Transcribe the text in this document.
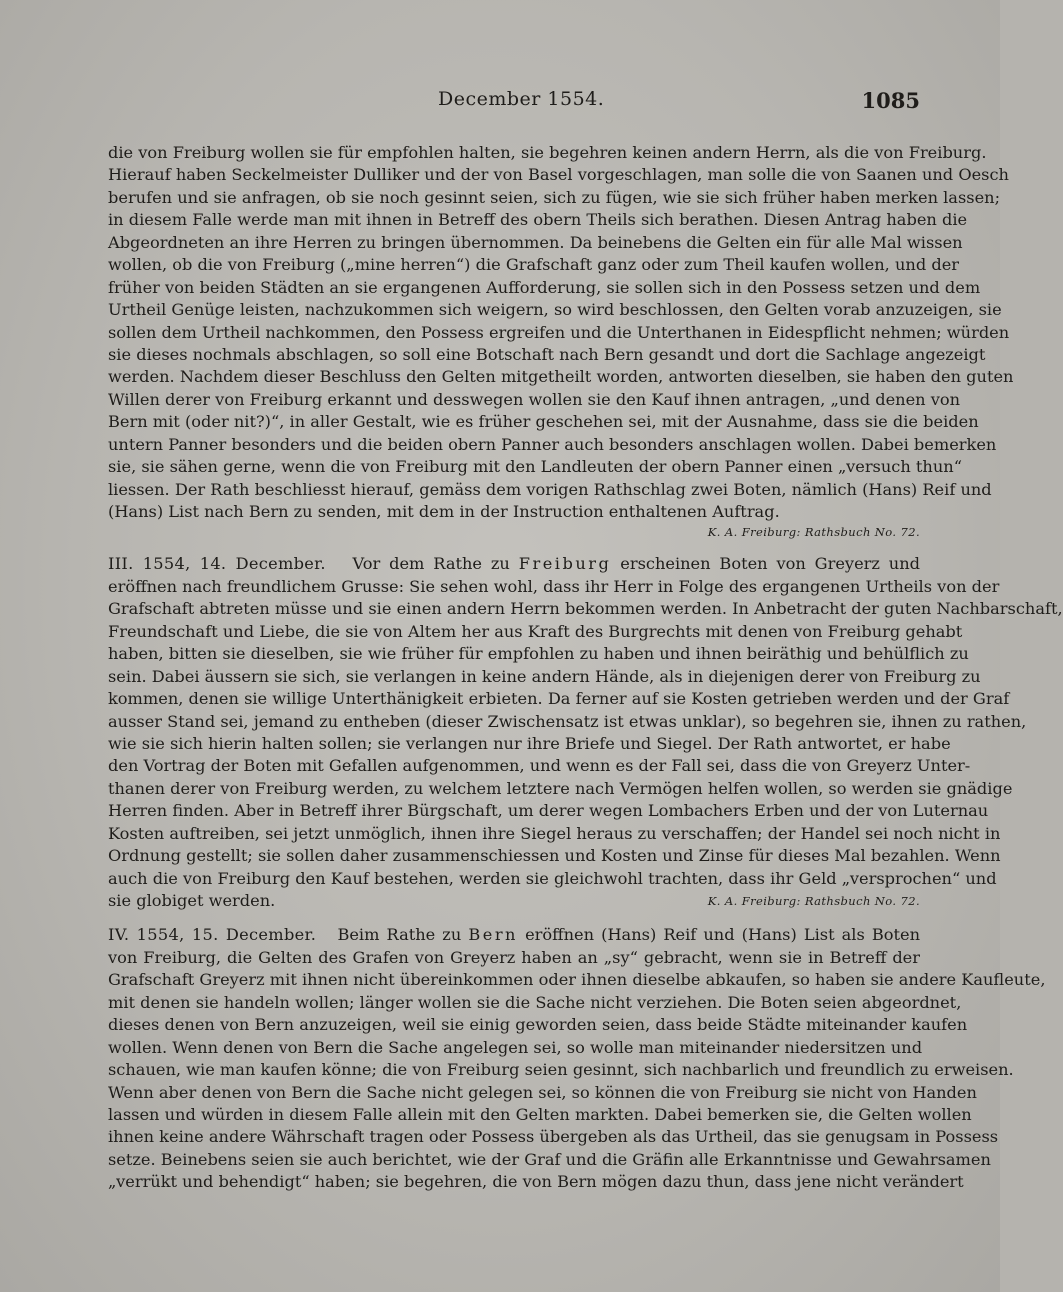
December 1554.	1085
die von Freiburg wollen sie für empfohlen halten, sie begehren keinen andern Herrn, als die von Freiburg.
Hierauf haben Seckelmeister Dulliker und der von Basel vorgeschlagen, man solle die von Saanen und Oesch
berufen und sie anfragen, ob sie noch gesinnt seien, sich zu fügen, wie sie sich früher haben merken lassen;
in diesem Falle werde man mit ihnen in Betreff des obern Theils sich berathen. Diesen Antrag haben die
Abgeordneten an ihre Herren zu bringen übernommen. Da beinebens die Gelten ein für alle Mal wissen
wollen, ob die von Freiburg („mine herren“) die Grafschaft ganz oder zum Theil kaufen wollen, und der
früher von beiden Städten an sie ergangenen Aufforderung, sie sollen sich in den Possess setzen und dem
Urtheil Genüge leisten, nachzukommen sich weigern, so wird beschlossen, den Gelten vorab anzuzeigen, sie
sollen dem Urtheil nachkommen, den Possess ergreifen und die Unterthanen in Eidespflicht nehmen; würden
sie dieses nochmals abschlagen, so soll eine Botschaft nach Bern gesandt und dort die Sachlage angezeigt
werden. Nachdem dieser Beschluss den Gelten mitgetheilt worden, antworten dieselben, sie haben den guten
Willen derer von Freiburg erkannt und desswegen wollen sie den Kauf ihnen antragen, „und denen von
Bern mit (oder nit?)“, in aller Gestalt, wie es früher geschehen sei, mit der Ausnahme, dass sie die beiden
untern Panner besonders und die beiden obern Panner auch besonders anschlagen wollen. Dabei bemerken
sie, sie sähen gerne, wenn die von Freiburg mit den Landleuten der obern Panner einen „versuch thun“
liessen. Der Rath beschliesst hierauf, gemäss dem vorigen Rathschlag zwei Boten, nämlich (Hans) Reif und
(Hans) List nach Bern zu senden, mit dem in der Instruction enthaltenen Auftrag.
K. A. Freiburg: Rathsbuch No. 72.
III. 1554, 14. December. Vor dem Rathe zu Freiburg erscheinen Boten von Greyerz und
eröffnen nach freundlichem Grusse: Sie sehen wohl, dass ihr Herr in Folge des ergangenen Urtheils von der
Grafschaft abtreten müsse und sie einen andern Herrn bekommen werden. In Anbetracht der guten Nachbarschaft,
Freundschaft und Liebe, die sie von Altem her aus Kraft des Burgrechts mit denen von Freiburg gehabt
haben, bitten sie dieselben, sie wie früher für empfohlen zu haben und ihnen beiräthig und behülflich zu
sein. Dabei äussern sie sich, sie verlangen in keine andern Hände, als in diejenigen derer von Freiburg zu
kommen, denen sie willige Unterthänigkeit erbieten. Da ferner auf sie Kosten getrieben werden und der Graf
ausser Stand sei, jemand zu entheben (dieser Zwischensatz ist etwas unklar), so begehren sie, ihnen zu rathen,
wie sie sich hierin halten sollen; sie verlangen nur ihre Briefe und Siegel. Der Rath antwortet, er habe
den Vortrag der Boten mit Gefallen aufgenommen, und wenn es der Fall sei, dass die von Greyerz Unter-
thanen derer von Freiburg werden, zu welchem letztere nach Vermögen helfen wollen, so werden sie gnädige
Herren finden. Aber in Betreff ihrer Bürgschaft, um derer wegen Lombachers Erben und der von Luternau
Kosten auftreiben, sei jetzt unmöglich, ihnen ihre Siegel heraus zu verschaffen; der Handel sei noch nicht in
Ordnung gestellt; sie sollen daher zusammenschiessen und Kosten und Zinse für dieses Mal bezahlen. Wenn
auch die von Freiburg den Kauf bestehen, werden sie gleichwohl trachten, dass ihr Geld „versprochen“ und
sie globiget werden.	K. A. Freiburg: Rathsbuch No. 72.
IV. 1554, 15. December. Beim Rathe zu Bern eröffnen (Hans) Reif und (Hans) List als Boten
von Freiburg, die Gelten des Grafen von Greyerz haben an „sy“ gebracht, wenn sie in Betreff der
Grafschaft Greyerz mit ihnen nicht übereinkommen oder ihnen dieselbe abkaufen, so haben sie andere Kaufleute,
mit denen sie handeln wollen; länger wollen sie die Sache nicht verziehen. Die Boten seien abgeordnet,
dieses denen von Bern anzuzeigen, weil sie einig geworden seien, dass beide Städte miteinander kaufen
wollen. Wenn denen von Bern die Sache angelegen sei, so wolle man miteinander niedersitzen und
schauen, wie man kaufen könne; die von Freiburg seien gesinnt, sich nachbarlich und freundlich zu erweisen.
Wenn aber denen von Bern die Sache nicht gelegen sei, so können die von Freiburg sie nicht von Handen
lassen und würden in diesem Falle allein mit den Gelten markten. Dabei bemerken sie, die Gelten wollen
ihnen keine andere Währschaft tragen oder Possess übergeben als das Urtheil, das sie genugsam in Possess
setze. Beinebens seien sie auch berichtet, wie der Graf und die Gräfin alle Erkanntnisse und Gewahrsamen
„verrükt und behendigt“ haben; sie begehren, die von Bern mögen dazu thun, dass jene nicht verändert
